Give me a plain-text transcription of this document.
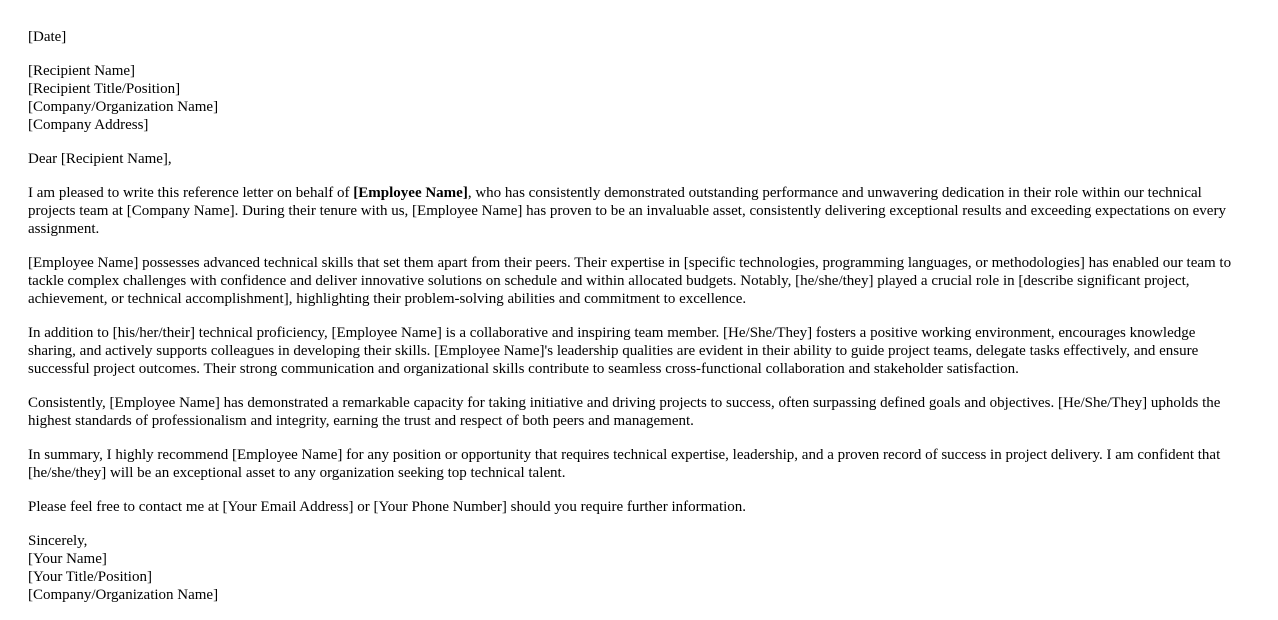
[Date]
[Recipient Name]
[Recipient Title/Position]
[Company/Organization Name]
[Company Address]

Dear [Recipient Name],

I am pleased to write this reference letter on behalf of [Employee Name], who has consistently demonstrated outstanding performance and unwavering dedication in their role within our technical projects team at [Company Name]. During their tenure with us, [Employee Name] has proven to be an invaluable asset, consistently delivering exceptional results and exceeding expectations on every assignment.

[Employee Name] possesses advanced technical skills that set them apart from their peers. Their expertise in [specific technologies, programming languages, or methodologies] has enabled our team to tackle complex challenges with confidence and deliver innovative solutions on schedule and within allocated budgets. Notably, [he/she/they] played a crucial role in [describe significant project, achievement, or technical accomplishment], highlighting their problem-solving abilities and commitment to excellence.

In addition to [his/her/their] technical proficiency, [Employee Name] is a collaborative and inspiring team member. [He/She/They] fosters a positive working environment, encourages knowledge sharing, and actively supports colleagues in developing their skills. [Employee Name]'s leadership qualities are evident in their ability to guide project teams, delegate tasks effectively, and ensure successful project outcomes. Their strong communication and organizational skills contribute to seamless cross-functional collaboration and stakeholder satisfaction.

Consistently, [Employee Name] has demonstrated a remarkable capacity for taking initiative and driving projects to success, often surpassing defined goals and objectives. [He/She/They] upholds the highest standards of professionalism and integrity, earning the trust and respect of both peers and management.

In summary, I highly recommend [Employee Name] for any position or opportunity that requires technical expertise, leadership, and a proven record of success in project delivery. I am confident that [he/she/they] will be an exceptional asset to any organization seeking top technical talent.

Please feel free to contact me at [Your Email Address] or [Your Phone Number] should you require further information.

Sincerely,
[Your Name]
[Your Title/Position]
[Company/Organization Name]
